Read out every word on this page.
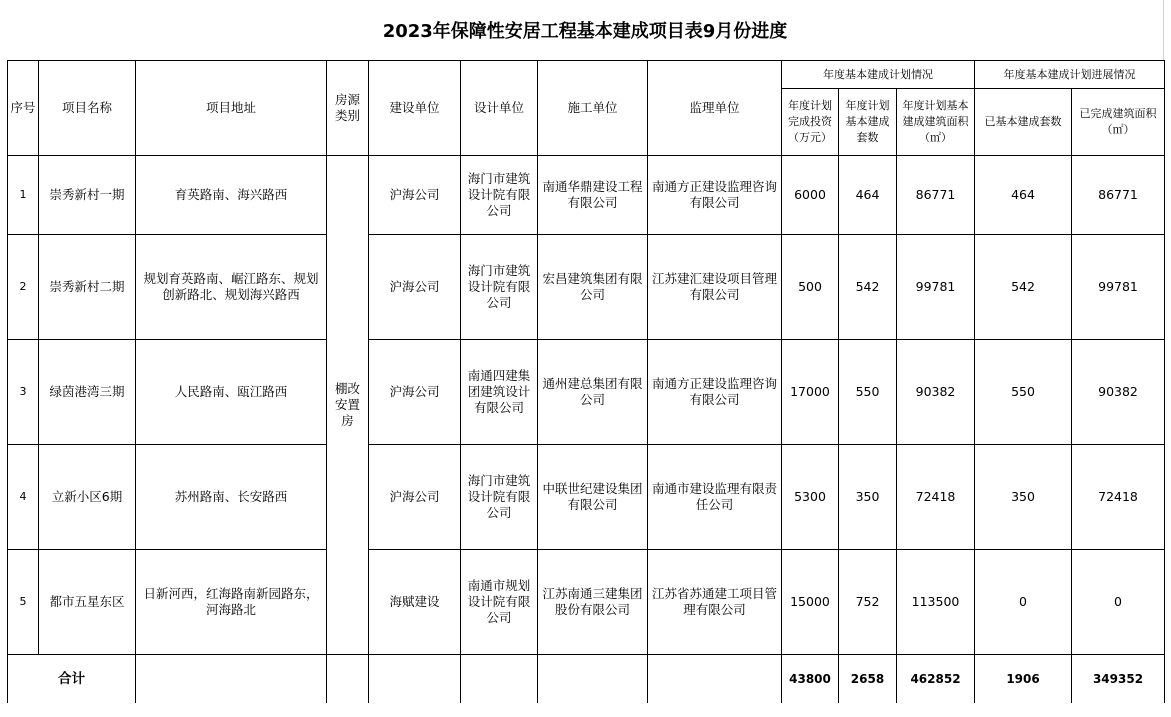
2023年保障性安居工程基本建成项目表9月份进度
序号	项目名称	项目地址	房源类别	建设单位	设计单位	施工单位	监理单位	年度基本建成计划情况			年度基本建成计划进展情况	
								年度计划完成投资（万元）	年度计划基本建成套数	年度计划基本建成建筑面积（㎡）	已基本建成套数	已完成建筑面积（㎡）
1	崇秀新村一期	育英路南、海兴路西	棚改安置房	沪海公司	海门市建筑设计院有限公司	南通华鼎建设工程有限公司	南通方正建设监理咨询有限公司	6000	464	86771	464	86771
2	崇秀新村二期	规划育英路南、崌江路东、规划创新路北、规划海兴路西		沪海公司	海门市建筑设计院有限公司	宏昌建筑集团有限公司	江苏建汇建设项目管理有限公司	500	542	99781	542	99781
3	绿茵港湾三期	人民路南、瓯江路西		沪海公司	南通四建集团建筑设计有限公司	通州建总集团有限公司	南通方正建设监理咨询有限公司	17000	550	90382	550	90382
4	立新小区6期	苏州路南、长安路西		沪海公司	海门市建筑设计院有限公司	中联世纪建设集团有限公司	南通市建设监理有限责任公司	5300	350	72418	350	72418
5	都市五星东区	日新河西，红海路南新园路东，河海路北		海赋建设	南通市规划设计院有限公司	江苏南通三建集团股份有限公司	江苏省苏通建工项目管理有限公司	15000	752	113500	0	0
合计								43800	2658	462852	1906	349352
